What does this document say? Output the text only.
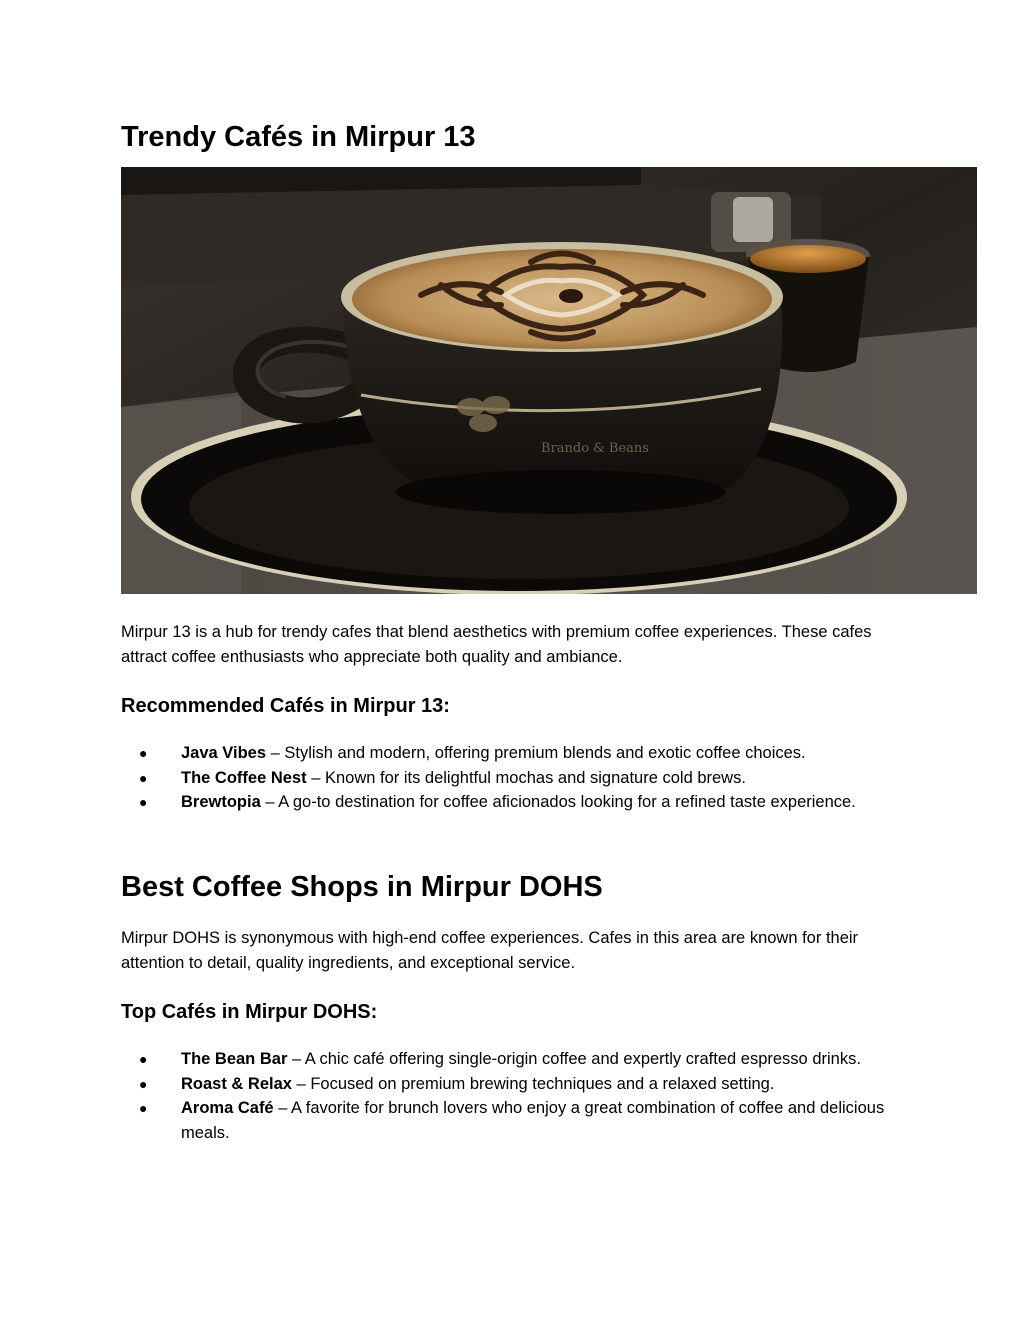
Trendy Cafés in Mirpur 13
Brando & Beans

Mirpur 13 is a hub for trendy cafes that blend aesthetics with premium coffee experiences. These cafes attract coffee enthusiasts who appreciate both quality and ambiance.

Recommended Cafés in Mirpur 13:
● Java Vibes – Stylish and modern, offering premium blends and exotic coffee choices.
● The Coffee Nest – Known for its delightful mochas and signature cold brews.
● Brewtopia – A go-to destination for coffee aficionados looking for a refined taste experience.
Best Coffee Shops in Mirpur DOHS

Mirpur DOHS is synonymous with high-end coffee experiences. Cafes in this area are known for their attention to detail, quality ingredients, and exceptional service.

Top Cafés in Mirpur DOHS:
● The Bean Bar – A chic café offering single-origin coffee and expertly crafted espresso drinks.
● Roast & Relax – Focused on premium brewing techniques and a relaxed setting.
● Aroma Café – A favorite for brunch lovers who enjoy a great combination of coffee and delicious meals.
